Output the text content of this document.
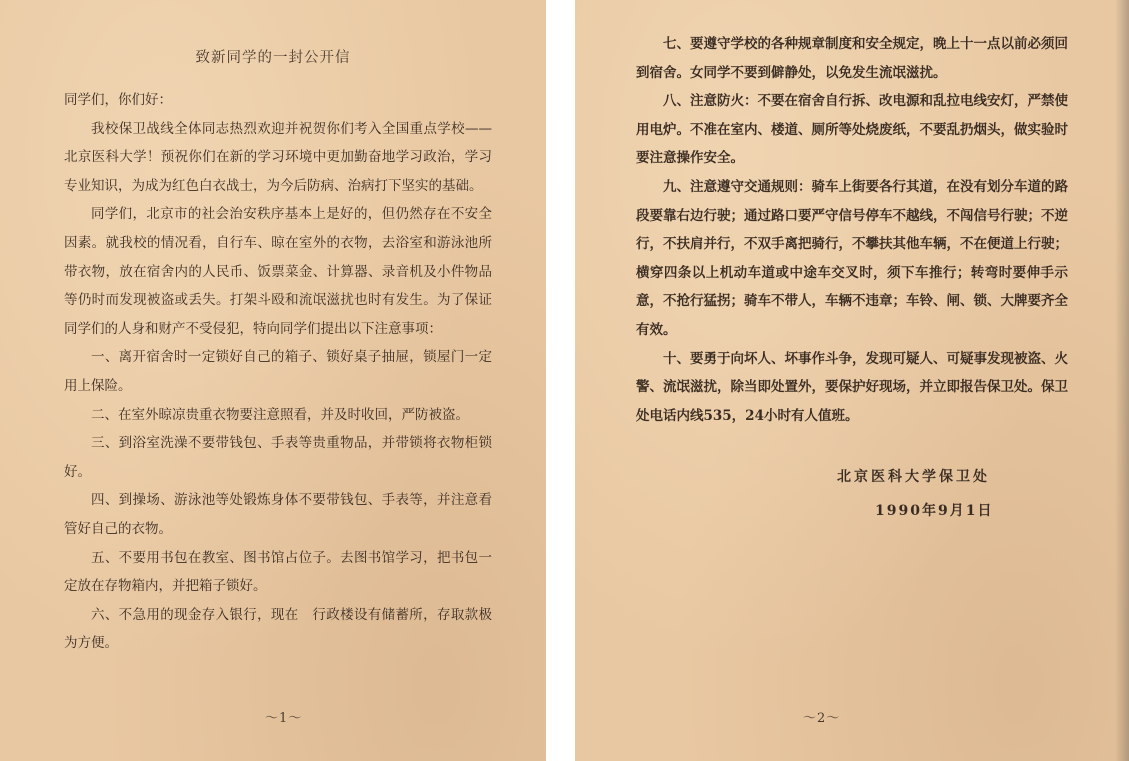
致新同学的一封公开信

同学们，你们好：

我校保卫战线全体同志热烈欢迎并祝贺你们考入全国重点学校——北京医科大学！预祝你们在新的学习环境中更加勤奋地学习政治，学习专业知识，为成为红色白衣战士，为今后防病、治病打下坚实的基础。

同学们，北京市的社会治安秩序基本上是好的，但仍然存在不安全因素。就我校的情况看，自行车、晾在室外的衣物，去浴室和游泳池所带衣物，放在宿舍内的人民币、饭票菜金、计算器、录音机及小件物品等仍时而发现被盗或丢失。打架斗殴和流氓滋扰也时有发生。为了保证同学们的人身和财产不受侵犯，特向同学们提出以下注意事项：

一、离开宿舍时一定锁好自己的箱子、锁好桌子抽屉，锁屋门一定用上保险。

二、在室外晾凉贵重衣物要注意照看，并及时收回，严防被盗。

三、到浴室洗澡不要带钱包、手表等贵重物品，并带锁将衣物柜锁好。

四、到操场、游泳池等处锻炼身体不要带钱包、手表等，并注意看管好自己的衣物。

五、不要用书包在教室、图书馆占位子。去图书馆学习，把书包一定放在存物箱内，并把箱子锁好。

六、不急用的现金存入银行，现在　行政楼设有储蓄所，存取款极为方便。

～1～

七、要遵守学校的各种规章制度和安全规定，晚上十一点以前必须回到宿舍。女同学不要到僻静处，以免发生流氓滋扰。

八、注意防火：不要在宿舍自行拆、改电源和乱拉电线安灯，严禁使用电炉。不准在室内、楼道、厕所等处烧废纸，不要乱扔烟头，做实验时要注意操作安全。

九、注意遵守交通规则：骑车上街要各行其道，在没有划分车道的路段要靠右边行驶；通过路口要严守信号停车不越线，不闯信号行驶；不逆行，不扶肩并行，不双手离把骑行，不攀扶其他车辆，不在便道上行驶；横穿四条以上机动车道或中途车交叉时，须下车推行；转弯时要伸手示意，不抢行猛拐；骑车不带人，车辆不违章；车铃、闸、锁、大牌要齐全有效。

十、要勇于向坏人、坏事作斗争，发现可疑人、可疑事发现被盗、火警、流氓滋扰，除当即处置外，要保护好现场，并立即报告保卫处。保卫处电话内线535，24小时有人值班。

北京医科大学保卫处
1990年9月1日
～2～
